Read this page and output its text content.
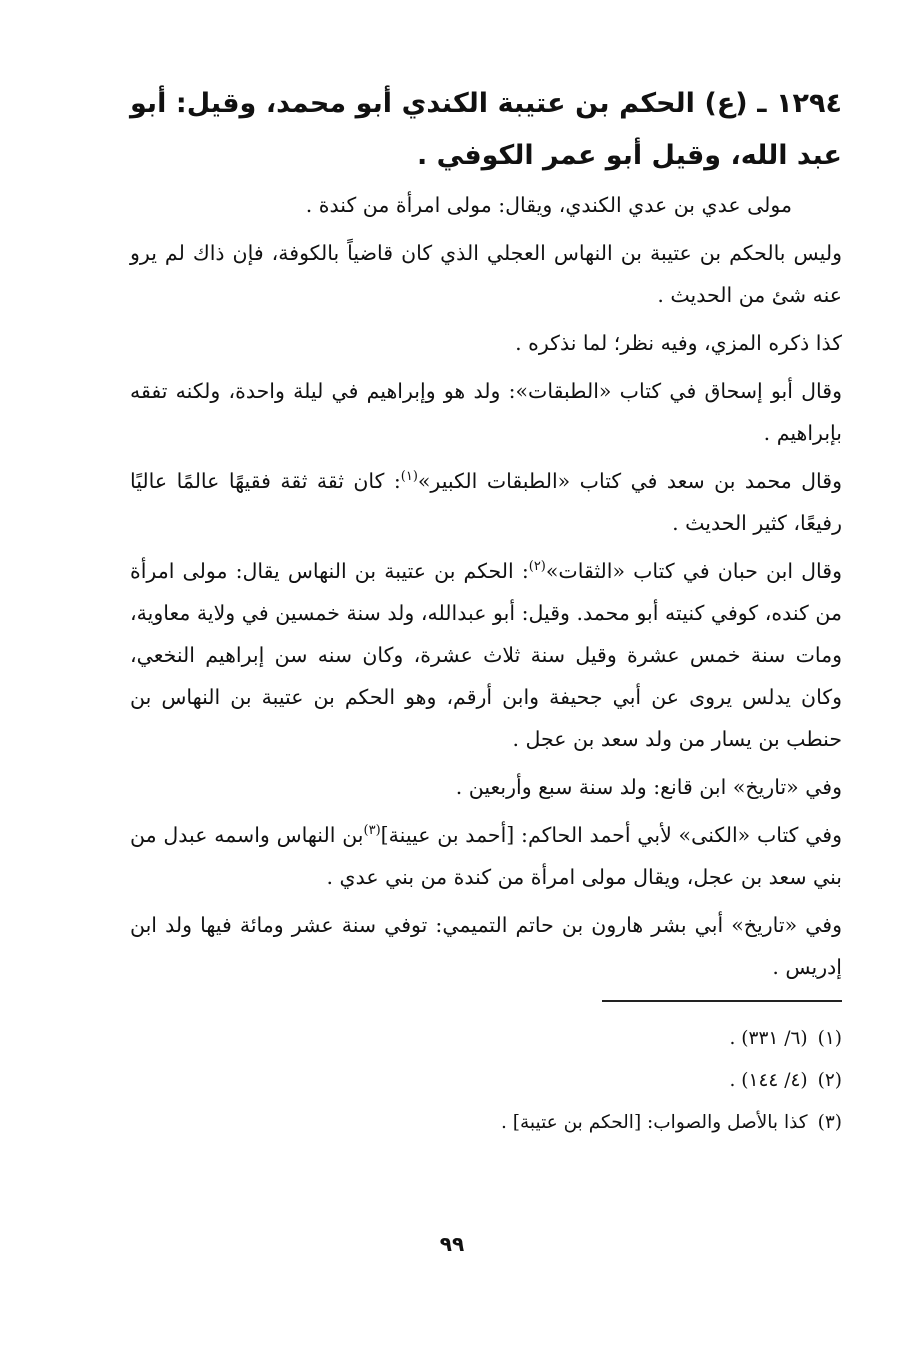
١٢٩٤ ـ (ع) الحكم بن عتيبة الكندي أبو محمد، وقيل: أبو عبد الله، وقيل أبو عمر الكوفي .

مولى عدي بن عدي الكندي، ويقال: مولى امرأة من كندة .

وليس بالحكم بن عتيبة بن النهاس العجلي الذي كان قاضياً بالكوفة، فإن ذاك لم يرو عنه شئ من الحديث .

كذا ذكره المزي، وفيه نظر؛ لما نذكره .

وقال أبو إسحاق في كتاب «الطبقات»: ولد هو وإبراهيم في ليلة واحدة، ولكنه تفقه بإبراهيم .

وقال محمد بن سعد في كتاب «الطبقات الكبير»$^{(١)}$: كان ثقة ثقة فقيهًا عالمًا عاليًا رفيعًا، كثير الحديث .

وقال ابن حبان في كتاب «الثقات»$^{(٢)}$: الحكم بن عتيبة بن النهاس يقال: مولى امرأة من كنده، كوفي كنيته أبو محمد. وقيل: أبو عبدالله، ولد سنة خمسين في ولاية معاوية، ومات سنة خمس عشرة وقيل سنة ثلاث عشرة، وكان سنه سن إبراهيم النخعي، وكان يدلس يروى عن أبي جحيفة وابن أرقم، وهو الحكم بن عتيبة بن النهاس بن حنطب بن يسار من ولد سعد بن عجل .

وفي «تاريخ» ابن قانع: ولد سنة سبع وأربعين .

وفي كتاب «الكنى» لأبي أحمد الحاكم: [أحمد بن عيينة]$^{(٣)}$بن النهاس واسمه عبدل من بني سعد بن عجل، ويقال مولى امرأة من كندة من بني عدي .

وفي «تاريخ» أبي بشر هارون بن حاتم التميمي: توفي سنة عشر ومائة فيها ولد ابن إدريس .

(١)(٦/ ٣٣١) .
(٢)(٤/ ١٤٤) .
(٣)كذا بالأصل والصواب: [الحكم بن عتيبة] .
٩٩
